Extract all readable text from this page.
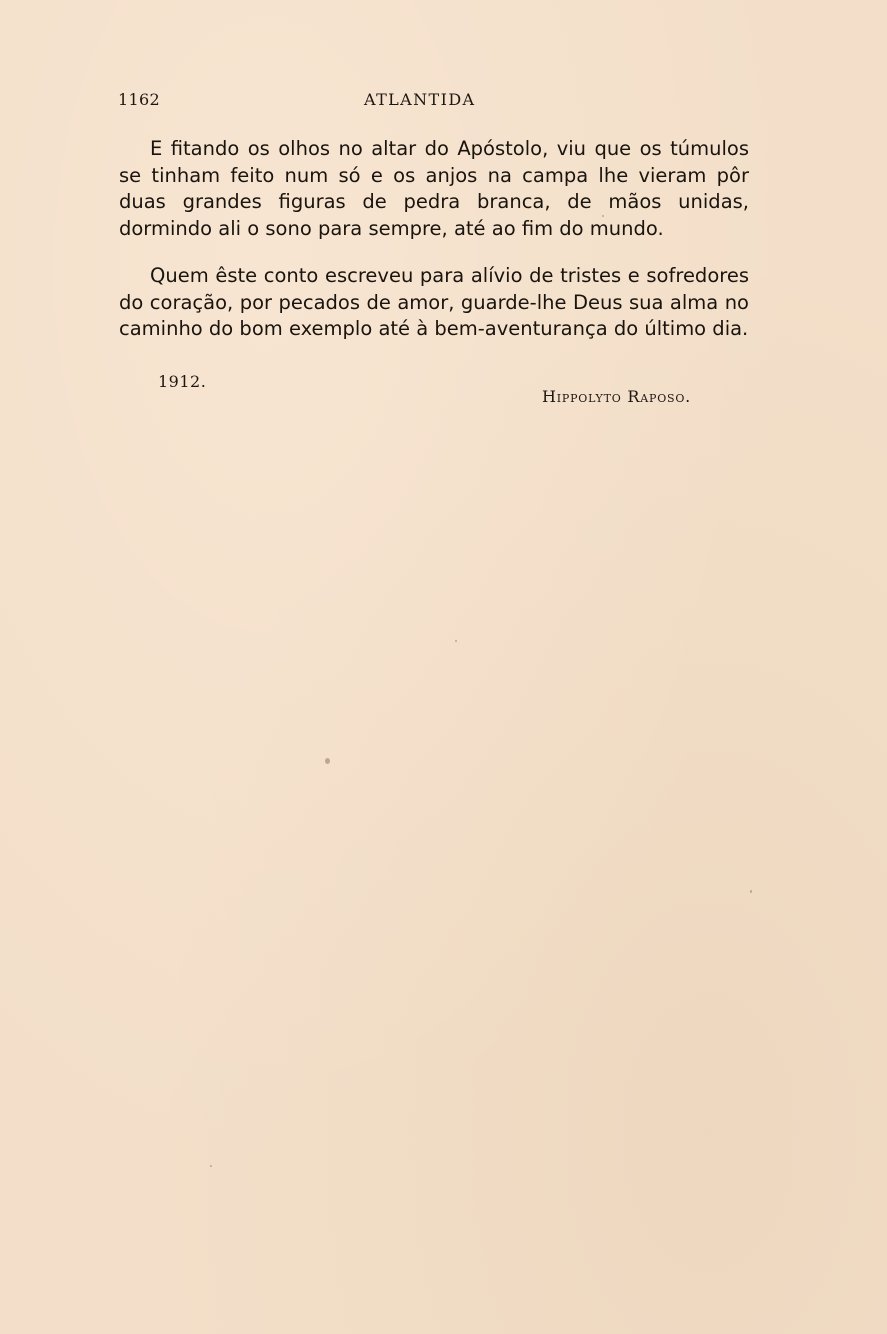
1162	ATLANTIDA

E fitando os olhos no altar do Apóstolo, viu que os túmulos se tinham feito num só e os anjos na campa lhe vieram pôr duas grandes figuras de pedra branca, de mãos unidas, dormindo ali o sono para sempre, até ao fim do mundo.

Quem êste conto escreveu para alívio de tristes e sofredores do coração, por pecados de amor, guarde-lhe Deus sua alma no caminho do bom exemplo até à bem-aventurança do último dia.

1912.
Hippolyto Raposo.
